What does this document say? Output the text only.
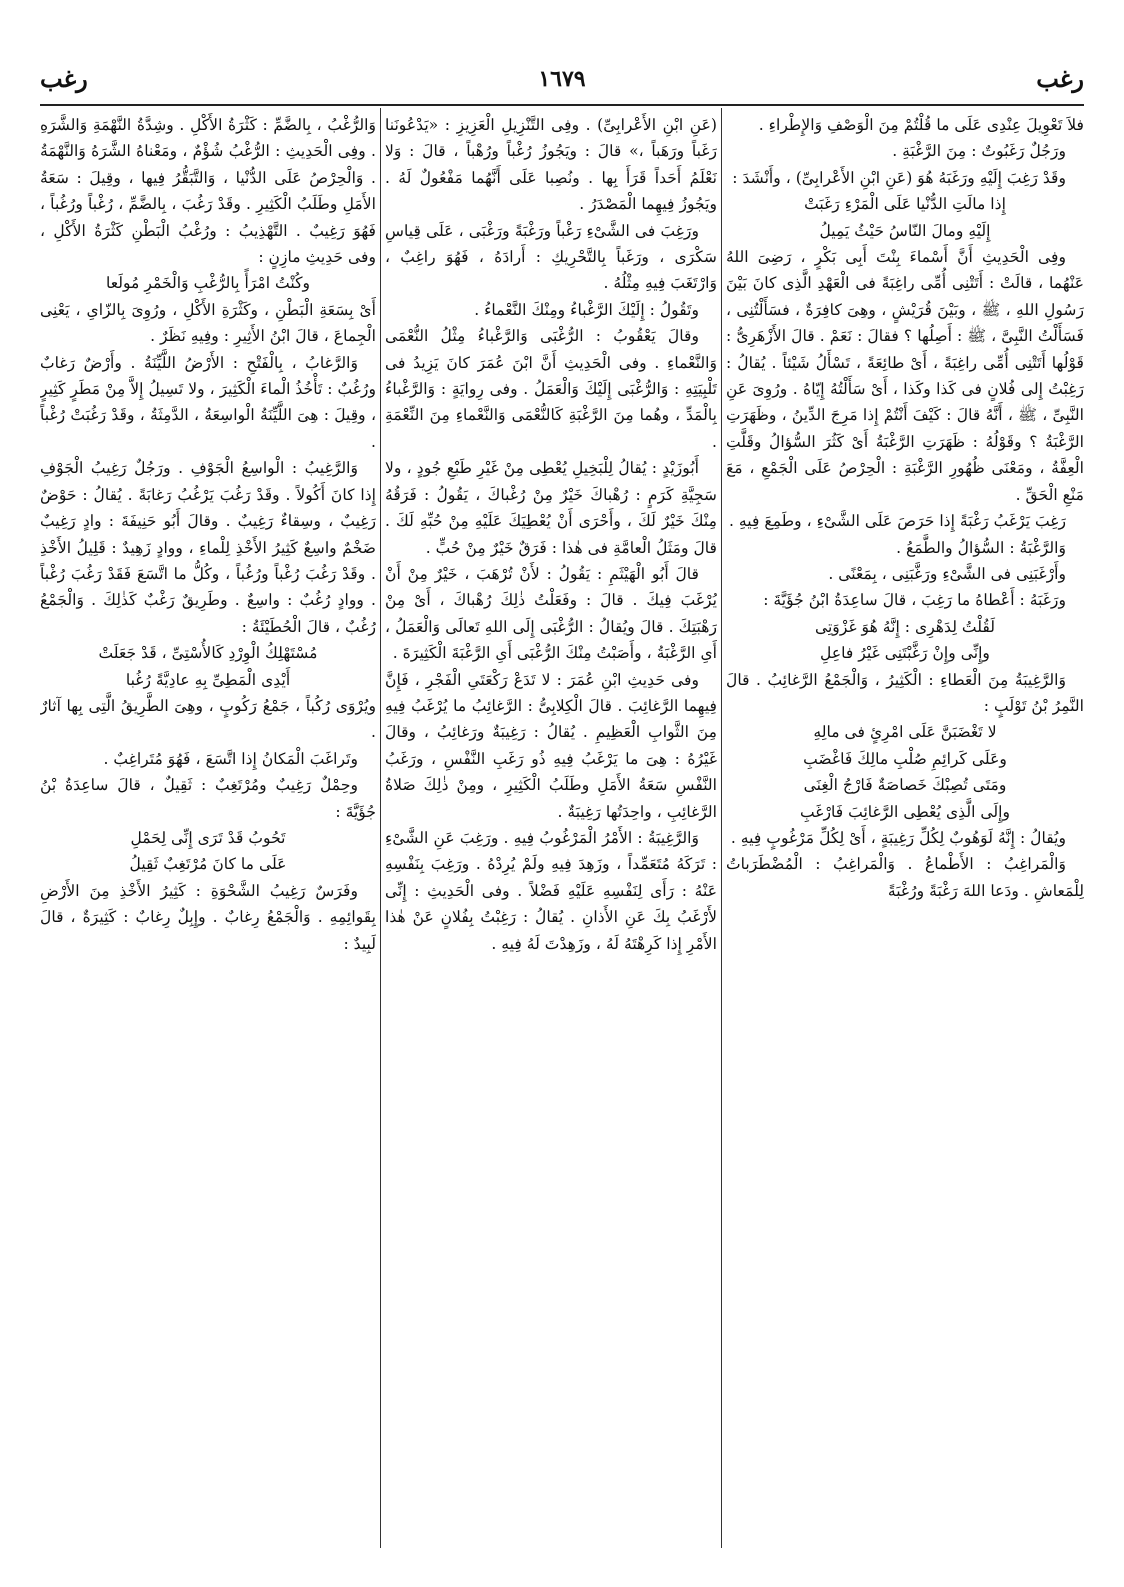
رغب
١٦٧٩
رغب

فلاَ تَعْوِيلَ عِنْدِى عَلَى ما قُلْتُمْ مِنَ الْوَصْفِ وَالإِطْراءِ .

ورَجُلٌ رَغَبُوتٌ : مِنَ الرَّغْبَةِ .

وقَدْ رَغِبَ إِلَيْهِ ورَغَبَهُ هُوَ (عَنِ ابْنِ الأَعْرابِىِّ) ، وأَنْشَدَ :

إِذا مالَتِ الدُّنْيا عَلَى الْمَرْءِ رَغَبَتْ

إِلَيْهِ ومالَ النّاسُ حَيْثُ يَمِيلُ

وفِى الْحَدِيثِ أَنَّ أَسْماءَ بِنْتَ أَبِى بَكْرٍ ، رَضِىَ اللهُ عَنْهُما ، قالَتْ : أَتَتْنِى أُمِّى راغِبَةً فى الْعَهْدِ الَّذِى كانَ بَيْنَ رَسُولِ اللهِ ، ﷺ ، وبَيْنَ قُرَيْشٍ ، وهِىَ كافِرَةٌ ، فسَأَلْتُنِى ، فَسَأَلْتُ النَّبِىَّ ، ﷺ : أَصِلُها ؟ فقالَ : نَعَمْ . قالَ الأَزْهَرِىُّ : قَوْلُها أَتَتْنِى أُمِّى راغِبَةً ، أَىْ طائِعَةً ، تَسْأَلُ شَيْئاً . يُقالُ : رَغِبْتُ إِلى فُلانٍ فى كَذا وكَذا ، أَىْ سَأَلْتُهُ إِيّاهُ . ورُوِىَ عَنِ النَّبِىِّ ، ﷺ ، أَنَّهُ قالَ : كَيْفَ أَنْتُمْ إِذا مَرِجَ الدِّينُ ، وظَهَرَتِ الرَّغْبَةُ ؟ وقَوْلُهُ : ظَهَرَتِ الرَّغْبَةُ أَىْ كَثُرَ السُّؤالُ وقَلَّتِ الْعِفَّةُ ، ومَعْنَى ظُهُورِ الرَّغْبَةِ : الْحِرْصُ عَلَى الْجَمْعِ ، مَعَ مَنْعِ الْحَقِّ .

رَغِبَ يَرْغَبُ رَغْبَةً إِذا حَرَصَ عَلَى الشَّىْءِ ، وطَمِعَ فِيهِ .

وَالرَّغْبَةُ : السُّؤالُ والطَّمَعُ .

وأَرْغَبَنِى فى الشَّىْءِ ورَغَّبَنِى ، بِمَعْنًى .

ورَغَبَهُ : أَعْطاهُ ما رَغِبَ ، قالَ ساعِدَةُ ابْنُ جُؤَيَّةَ :

لَقُلْتُ لِدَهْرِى : إِنَّهُ هُوَ غَزْوَتِى

وإِنِّى وإِنْ رَغَّبْتَنِى غَيْرُ فاعِلِ

وَالرَّغِيبَةُ مِنَ الْعَطاءِ : الْكَثِيرُ ، وَالْجَمْعُ الرَّغائِبُ . قالَ النَّمِرُ بْنُ تَوْلَبٍ :

لا تَغْضَبَنَّ عَلَى امْرِئٍ فى مالِهِ

وعَلَى كَرائِمِ صُلْبِ مالِكَ فَاغْضَبِ

ومَتَى تُصِبْكَ خَصاصَةٌ فَارْجُ الْغِنَى

وإِلَى الَّذِى يُعْطِى الرَّغائِبَ فَارْغَبِ

ويُقالُ : إِنَّهُ لَوَهُوبٌ لِكُلِّ رَغِيبَةٍ ، أَىْ لِكُلِّ مَرْغُوبٍ فِيهِ .

وَالْمَراغِبُ : الأَطْماعُ . وَالْمَراغِبُ : الْمُضْطَرَباتُ لِلْمَعاشِ . ودَعا اللهَ رَغْبَةً ورُغْبَةً

(عَنِ ابْنِ الأَعْرابِىِّ) . وفِى التَّنْزِيلِ الْعَزِيزِ : «يَدْعُونَنا رَغَباً ورَهَباً ،» قالَ : ويَجُوزُ رُغْباً ورُهْباً ، قالَ : وَلا نَعْلَمُ أَحَداً قَرَأَ بِها . ونُصِبا عَلَى أَنَّهُما مَفْعُولٌ لَهُ . ويَجُوزُ فِيهِما الْمَصْدَرُ .

ورَغِبَ فى الشَّىْءِ رَغْباً ورَغْبَةً ورَغْبَى ، عَلَى قِياسِ سَكْرَى ، ورَغَباً بِالتَّحْرِيكِ : أَرادَهُ ، فَهُوَ راغِبٌ ، وَارْتَغَبَ فِيهِ مِثْلُهُ .

وتَقُولُ : إِلَيْكَ الرَّغْباءُ ومِنْكَ النَّعْماءُ .

وقالَ يَعْقُوبُ : الرُّغْبَى وَالرَّغْباءُ مِثْلُ النُّعْمَى وَالنَّعْماءِ . وفى الْحَدِيثِ أَنَّ ابْنَ عُمَرَ كانَ يَزِيدُ فى تَلْبِيَتِهِ : وَالرُّغْبَى إِلَيْكَ وَالْعَمَلُ . وفى رِوايَةٍ : وَالرَّغْباءُ بِالْمَدِّ ، وهُما مِنَ الرَّغْبَةِ كَالنُّعْمَى وَالنَّعْماءِ مِنَ النِّعْمَةِ .

أَبُوزَيْدٍ : يُقالُ لِلْبَخِيلِ يُعْطِى مِنْ غَيْرِ طَبْعِ جُودٍ ، ولا سَجِيَّةِ كَرَمٍ : رُهْباكَ خَيْرٌ مِنْ رُغْباكَ ، يَقُولُ : فَرَقُهُ مِنْكَ خَيْرٌ لَكَ ، وأَحْرَى أَنْ يُعْطِيَكَ عَلَيْهِ مِنْ حُبِّهِ لَكَ . قالَ ومَثَلُ الْعامَّةِ فى هٰذا : فَرَقٌ خَيْرٌ مِنْ حُبٍّ .

قالَ أَبُو الْهَيْثَمِ : يَقُولُ : لأَنْ تُرْهَبَ ، خَيْرٌ مِنْ أَنْ يُرْغَبَ فِيكَ . قالَ : وفَعَلْتُ ذٰلِكَ رُهْباكَ ، أَىْ مِنْ رَهْبَتِكَ . قالَ ويُقالُ : الرُّغْبَى إِلَى اللهِ تَعالَى وَالْعَمَلُ ، أَىِ الرَّغْبَةُ ، وأَصَبْتُ مِنْكَ الرُّغْبَى أَىِ الرَّغْبَةَ الْكَثِيرَةَ .

وفى حَدِيثِ ابْنِ عُمَرَ : لا تَدَعْ رَكْعَتَىِ الْفَجْرِ ، فَإِنَّ فِيهِما الرَّغائِبَ . قالَ الْكِلابِىُّ : الرَّغائِبُ ما يُرْغَبُ فِيهِ مِنَ الثَّوابِ الْعَظِيمِ . يُقالُ : رَغِيبَةٌ ورَغائِبُ ، وقالَ غَيْرُهُ : هِىَ ما يَرْغَبُ فِيهِ ذُو رَغَبِ النَّفْسِ ، ورَغَبُ النَّفْسِ سَعَةُ الأَمَلِ وطَلَبُ الْكَثِيرِ ، ومِنْ ذٰلِكَ صَلاةُ الرَّغائِبِ ، واحِدَتُها رَغِيبَةٌ .

وَالرَّغِيبَةُ : الأَمْرُ الْمَرْغُوبُ فِيهِ . ورَغِبَ عَنِ الشَّىْءِ : تَرَكَهُ مُتَعَمِّداً ، وزَهِدَ فِيهِ ولَمْ يُرِدْهُ . ورَغِبَ بِنَفْسِهِ عَنْهُ : رَأَى لِنَفْسِهِ عَلَيْهِ فَضْلاً . وفى الْحَدِيثِ : إِنِّى لأَرْغَبُ بِكَ عَنِ الأَذانِ . يُقالُ : رَغِبْتُ بِفُلانٍ عَنْ هٰذا الأَمْرِ إِذا كَرِهْتَهُ لَهُ ، وزَهِدْتَ لَهُ فِيهِ .

وَالرُّغْبُ ، بِالضَّمِّ : كَثْرَةُ الأَكْلِ . وشِدَّةُ النَّهْمَةِ وَالشَّرَهِ . وفِى الْحَدِيثِ : الرُّغْبُ شُؤْمٌ ، ومَعْناهُ الشَّرَهُ وَالنَّهْمَةُ . وَالْحِرْصُ عَلَى الدُّنْيا ، وَالتَّبَقُّرُ فِيها ، وقِيلَ : سَعَةُ الأَمَلِ وطَلَبُ الْكَثِيرِ . وقَدْ رَغُبَ ، بِالضَّمِّ ، رُغْباً ورُغُباً ، فَهُوَ رَغِيبٌ . التَّهْذِيبُ : ورُغْبُ الْبَطْنِ كَثْرَةُ الأَكْلِ ، وفى حَدِيثِ مازِنٍ :

وكُنْتُ امْرَأً بِالرُّغْبِ وَالْخَمْرِ مُولَعا

أَىْ بِسَعَةِ الْبَطْنِ ، وكَثْرَةِ الأَكْلِ ، ورُوِىَ بِالزّاىِ ، يَعْنِى الْجِماعَ ، قالَ ابْنُ الأَثِيرِ : وفِيهِ نَظَرٌ .

وَالرَّغابُ ، بِالْفَتْحِ : الأَرْضُ اللَّيِّنَةُ . وأَرْضٌ رَغابٌ ورُغُبٌ : تَأْخُذُ الْماءَ الْكَثِيرَ ، ولا تَسِيلُ إِلاَّ مِنْ مَطَرٍ كَثِيرٍ ، وقِيلَ : هِىَ اللَّيِّنَةُ الْواسِعَةُ ، الدَّمِثَةُ ، وقَدْ رَغُبَتْ رُغْباً .

وَالرَّغِيبُ : الْواسِعُ الْجَوْفِ . ورَجُلٌ رَغِيبُ الْجَوْفِ إِذا كانَ أَكُولاً . وقَدْ رَغُبَ يَرْغُبُ رَغابَةً . يُقالُ : حَوْضٌ رَغِيبٌ ، وسِقاءٌ رَغِيبٌ . وقالَ أَبُو حَنِيفَةَ : وادٍ رَغِيبٌ ضَخْمٌ واسِعٌ كَثِيرُ الأَخْذِ لِلْماءِ ، ووادٍ زَهِيدٌ : قَلِيلُ الأَخْذِ . وقَدْ رَغُبَ رُغْباً ورُغُباً ، وكُلُّ ما اتَّسَعَ فَقَدْ رَغُبَ رُغْباً . ووادٍ رُغُبٌ : واسِعٌ . وطَرِيقٌ رَغْبٌ كَذٰلِكَ . وَالْجَمْعُ رُغُبٌ ، قالَ الْحُطَيْئَةُ :

مُسْتَهْلِكُ الْوِرْدِ كَالأُسْتِىِّ ، قَدْ جَعَلَتْ

أَيْدِى الْمَطِىِّ بِهِ عادِيَّةً رُغُبا

ويُرْوَى رُكُباً ، جَمْعُ رَكُوبٍ ، وهِىَ الطَّرِيقُ الَّتِى بِها آثارٌ .

وتَراغَبَ الْمَكانُ إِذا اتَّسَعَ ، فَهُوَ مُتَراغِبٌ .

وحِمْلٌ رَغِيبٌ ومُرْتَغِبٌ : ثَقِيلٌ ، قالَ ساعِدَةُ بْنُ جُؤَيَّةَ :

تَحُوبُ قَدْ تَرَى إِنِّى لِحَمْلِ

عَلَى ما كانَ مُرْتَغِبٌ ثَقِيلُ

وفَرَسٌ رَغِيبُ الشَّحْوَةِ : كَثِيرُ الأَخْذِ مِنَ الأَرْضِ بِقَوائِمِهِ . وَالْجَمْعُ رِغابٌ . وإِبِلٌ رِغابٌ : كَثِيرَةٌ ، قالَ لَبِيدٌ :
